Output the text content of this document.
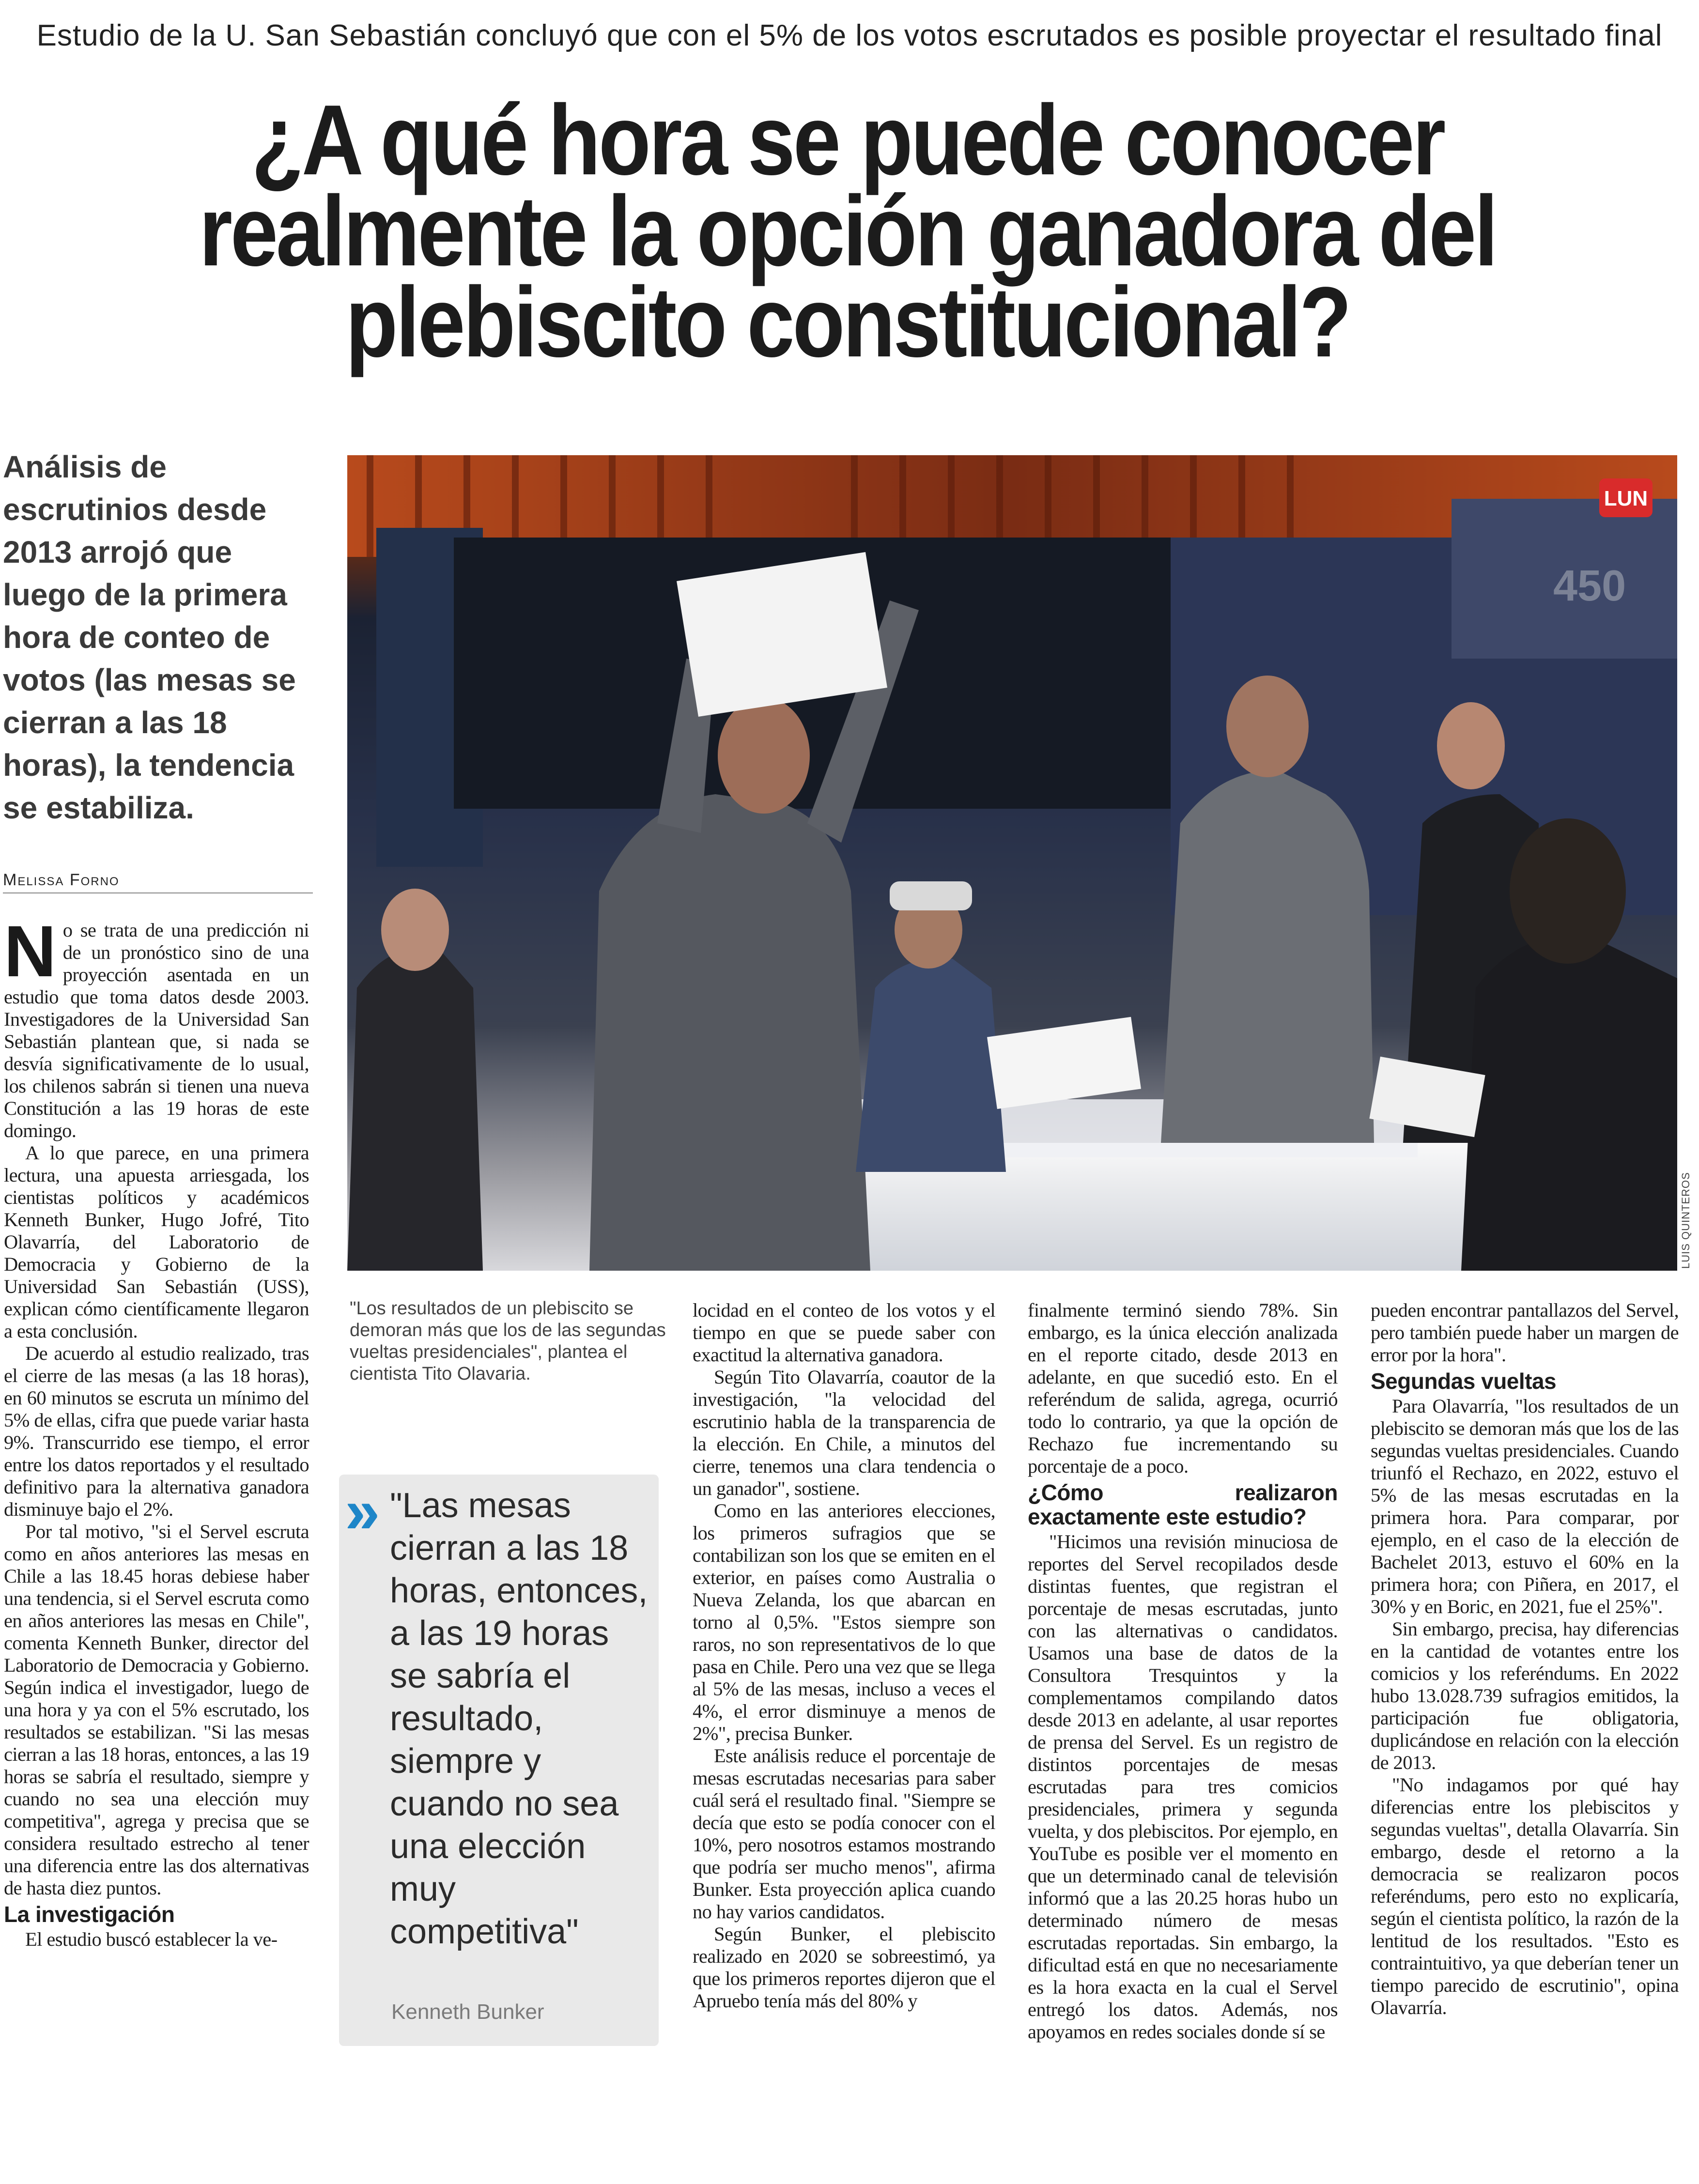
Estudio de la U. San Sebastián concluyó que con el 5% de los votos escrutados es posible proyectar el resultado final
¿A qué hora se puede conocer
realmente la opción ganadora del
plebiscito constitucional?
Análisis de escrutinios desde 2013 arrojó que luego de la primera hora de conteo de votos (las mesas se cierran a las 18 horas), la tendencia se estabiliza.
Melissa Forno

No se trata de una predicción ni de un pronóstico sino de una proyección asentada en un estudio que toma datos desde 2003. Investigadores de la Universidad San Sebastián plantean que, si nada se desvía significativamente de lo usual, los chilenos sabrán si tienen una nueva Constitución a las 19 horas de este domingo.

A lo que parece, en una primera lectura, una apuesta arriesgada, los cientistas políticos y académicos Kenneth Bunker, Hugo Jofré, Tito Olavarría, del Laboratorio de Democracia y Gobierno de la Universidad San Sebastián (USS), explican cómo científicamente llegaron a esta conclusión.

De acuerdo al estudio realizado, tras el cierre de las mesas (a las 18 horas), en 60 minutos se escruta un mínimo del 5% de ellas, cifra que puede variar hasta 9%. Transcurrido ese tiempo, el error entre los datos reportados y el resultado definitivo para la alternativa ganadora disminuye bajo el 2%.

Por tal motivo, "si el Servel escruta como en años anteriores las mesas en Chile a las 18.45 horas debiese haber una tendencia, si el Servel escruta como en años anteriores las mesas en Chile", comenta Kenneth Bunker, director del Laboratorio de Democracia y Gobierno. Según indica el investigador, luego de una hora y ya con el 5% escrutado, los resultados se estabilizan. "Si las mesas cierran a las 18 horas, entonces, a las 19 horas se sabría el resultado, siempre y cuando no sea una elección muy competitiva", agrega y precisa que se considera resultado estrecho al tener una diferencia entre las dos alternativas de hasta diez puntos.

La investigación

El estudio buscó establecer la ve-

450
LUN
LUIS QUINTEROS
"Los resultados de un plebiscito se demoran más que los de las segundas vueltas presidenciales", plantea el cientista Tito Olavaria.
» "Las mesas cierran a las 18 horas, entonces, a las 19 horas se sabría el resultado, siempre y cuando no sea una elección muy competitiva"
Kenneth Bunker

locidad en el conteo de los votos y el tiempo en que se puede saber con exactitud la alternativa ganadora.

Según Tito Olavarría, coautor de la investigación, "la velocidad del escrutinio habla de la transparencia de la elección. En Chile, a minutos del cierre, tenemos una clara tendencia o un ganador", sostiene.

Como en las anteriores elecciones, los primeros sufragios que se contabilizan son los que se emiten en el exterior, en países como Australia o Nueva Zelanda, los que abarcan en torno al 0,5%. "Estos siempre son raros, no son representativos de lo que pasa en Chile. Pero una vez que se llega al 5% de las mesas, incluso a veces el 4%, el error disminuye a menos de 2%", precisa Bunker.

Este análisis reduce el porcentaje de mesas escrutadas necesarias para saber cuál será el resultado final. "Siempre se decía que esto se podía conocer con el 10%, pero nosotros estamos mostrando que podría ser mucho menos", afirma Bunker. Esta proyección aplica cuando no hay varios candidatos.

Según Bunker, el plebiscito realizado en 2020 se sobreestimó, ya que los primeros reportes dijeron que el Apruebo tenía más del 80% y

finalmente terminó siendo 78%. Sin embargo, es la única elección analizada en el reporte citado, desde 2013 en adelante, en que sucedió esto. En el referéndum de salida, agrega, ocurrió todo lo contrario, ya que la opción de Rechazo fue incrementando su porcentaje de a poco.

¿Cómo realizaron exactamente este estudio?

"Hicimos una revisión minuciosa de reportes del Servel recopilados desde distintas fuentes, que registran el porcentaje de mesas escrutadas, junto con las alternativas o candidatos. Usamos una base de datos de la Consultora Tresquintos y la complementamos compilando datos desde 2013 en adelante, al usar reportes de prensa del Servel. Es un registro de distintos porcentajes de mesas escrutadas para tres comicios presidenciales, primera y segunda vuelta, y dos plebiscitos. Por ejemplo, en YouTube es posible ver el momento en que un determinado canal de televisión informó que a las 20.25 horas hubo un determinado número de mesas escrutadas reportadas. Sin embargo, la dificultad está en que no necesariamente es la hora exacta en la cual el Servel entregó los datos. Además, nos apoyamos en redes sociales donde sí se

pueden encontrar pantallazos del Servel, pero también puede haber un margen de error por la hora".

Segundas vueltas

Para Olavarría, "los resultados de un plebiscito se demoran más que los de las segundas vueltas presidenciales. Cuando triunfó el Rechazo, en 2022, estuvo el 5% de las mesas escrutadas en la primera hora. Para comparar, por ejemplo, en el caso de la elección de Bachelet 2013, estuvo el 60% en la primera hora; con Piñera, en 2017, el 30% y en Boric, en 2021, fue el 25%".

Sin embargo, precisa, hay diferencias en la cantidad de votantes entre los comicios y los referéndums. En 2022 hubo 13.028.739 sufragios emitidos, la participación fue obligatoria, duplicándose en relación con la elección de 2013.

"No indagamos por qué hay diferencias entre los plebiscitos y segundas vueltas", detalla Olavarría. Sin embargo, desde el retorno a la democracia se realizaron pocos referéndums, pero esto no explicaría, según el cientista político, la razón de la lentitud de los resultados. "Esto es contraintuitivo, ya que deberían tener un tiempo parecido de escrutinio", opina Olavarría.
